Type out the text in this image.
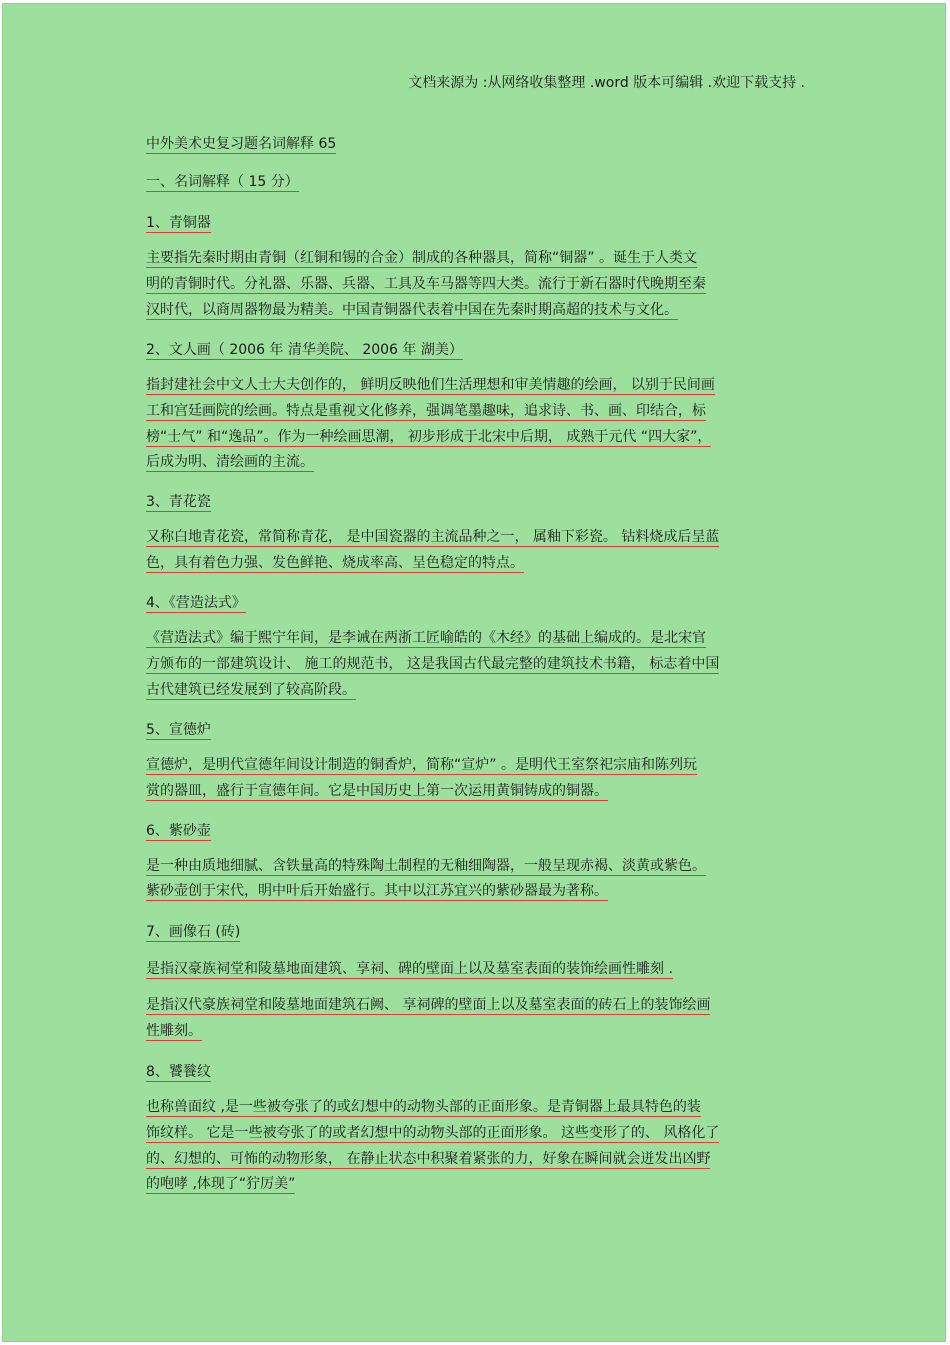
文档来源为 :从网络收集整理 .word 版本可编辑 .欢迎下载支持 .
中外美术史复习题名词解释 65
一、名词解释（ 15 分）
1、青铜器
主要指先秦时期由青铜（红铜和锡的合金）制成的各种器具，简称“铜器” 。诞生于人类文
明的青铜时代。分礼器、乐器、兵器、工具及车马器等四大类。流行于新石器时代晚期至秦
汉时代，以商周器物最为精美。中国青铜器代表着中国在先秦时期高超的技术与文化。
2、文人画（ 2006 年 清华美院、 2006 年 湖美）
指封建社会中文人士大夫创作的， 鲜明反映他们生活理想和审美情趣的绘画， 以别于民间画
工和宫廷画院的绘画。特点是重视文化修养，强调笔墨趣味，追求诗、书、画、印结合，标
榜“士气” 和“逸品”。作为一种绘画思潮， 初步形成于北宋中后期， 成熟于元代 “四大家”，
后成为明、清绘画的主流。
3、青花瓷
又称白地青花瓷，常简称青花， 是中国瓷器的主流品种之一， 属釉下彩瓷。 钴料烧成后呈蓝
色，具有着色力强、发色鲜艳、烧成率高、呈色稳定的特点。
4、《营造法式》
《营造法式》编于熙宁年间，是李诫在两浙工匠喻皓的《木经》的基础上编成的。是北宋官
方颁布的一部建筑设计、 施工的规范书， 这是我国古代最完整的建筑技术书籍， 标志着中国
古代建筑已经发展到了较高阶段。
5、宣德炉
宣德炉，是明代宣德年间设计制造的铜香炉，简称“宣炉” 。是明代王室祭祀宗庙和陈列玩
赏的器皿，盛行于宣德年间。它是中国历史上第一次运用黄铜铸成的铜器。
6、紫砂壶
是一种由质地细腻、含铁量高的特殊陶土制程的无釉细陶器，一般呈现赤褐、淡黄或紫色。
紫砂壶创于宋代，明中叶后开始盛行。其中以江苏宜兴的紫砂器最为著称。
7、画像石 (砖)
是指汉豪族祠堂和陵墓地面建筑、享祠、碑的壁面上以及墓室表面的装饰绘画性雕刻 .
是指汉代豪族祠堂和陵墓地面建筑石阙、 享祠碑的壁面上以及墓室表面的砖石上的装饰绘画
性雕刻。
8、饕餮纹
也称兽面纹 ,是一些被夸张了的或幻想中的动物头部的正面形象。是青铜器上最具特色的装
饰纹样。 它是一些被夸张了的或者幻想中的动物头部的正面形象。 这些变形了的、 风格化了
的、幻想的、可怖的动物形象， 在静止状态中积聚着紧张的力，好象在瞬间就会迸发出凶野
的咆哮 ,体现了“狞厉美”
